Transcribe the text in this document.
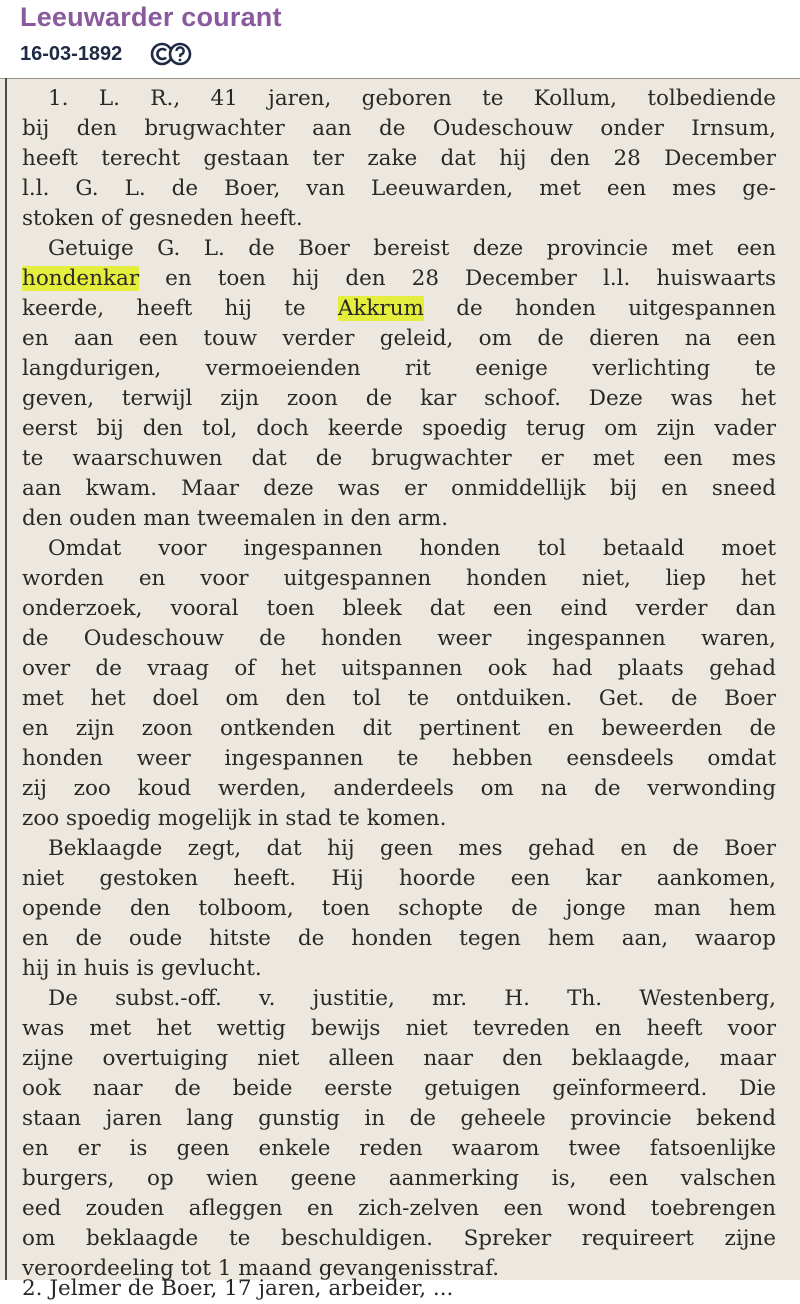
Leeuwarder courant
16-03-1892
1. L. R., 41 jaren, geboren te Kollum, tolbediende
bij den brugwachter aan de Oudeschouw onder Irnsum,
heeft terecht gestaan ter zake dat hij den 28 December
l.l. G. L. de Boer, van Leeuwarden, met een mes ge-
stoken of gesneden heeft.
Getuige G. L. de Boer bereist deze provincie met een
hondenkar en toen hij den 28 December l.l. huiswaarts
keerde, heeft hij te Akkrum de honden uitgespannen
en aan een touw verder geleid, om de dieren na een
langdurigen, vermoeienden rit eenige verlichting te
geven, terwijl zijn zoon de kar schoof. Deze was het
eerst bij den tol, doch keerde spoedig terug om zijn vader
te waarschuwen dat de brugwachter er met een mes
aan kwam. Maar deze was er onmiddellijk bij en sneed
den ouden man tweemalen in den arm.
Omdat voor ingespannen honden tol betaald moet
worden en voor uitgespannen honden niet, liep het
onderzoek, vooral toen bleek dat een eind verder dan
de Oudeschouw de honden weer ingespannen waren,
over de vraag of het uitspannen ook had plaats gehad
met het doel om den tol te ontduiken. Get. de Boer
en zijn zoon ontkenden dit pertinent en beweerden de
honden weer ingespannen te hebben eensdeels omdat
zij zoo koud werden, anderdeels om na de verwonding
zoo spoedig mogelijk in stad te komen.
Beklaagde zegt, dat hij geen mes gehad en de Boer
niet gestoken heeft. Hij hoorde een kar aankomen,
opende den tolboom, toen schopte de jonge man hem
en de oude hitste de honden tegen hem aan, waarop
hij in huis is gevlucht.
De subst.-off. v. justitie, mr. H. Th. Westenberg,
was met het wettig bewijs niet tevreden en heeft voor
zijne overtuiging niet alleen naar den beklaagde, maar
ook naar de beide eerste getuigen geïnformeerd. Die
staan jaren lang gunstig in de geheele provincie bekend
en er is geen enkele reden waarom twee fatsoenlijke
burgers, op wien geene aanmerking is, een valschen
eed zouden afleggen en zich-zelven een wond toebrengen
om beklaagde te beschuldigen. Spreker requireert zijne
veroordeeling tot 1 maand gevangenisstraf.
2. Jelmer de Boer, 17 jaren, arbeider, ...
